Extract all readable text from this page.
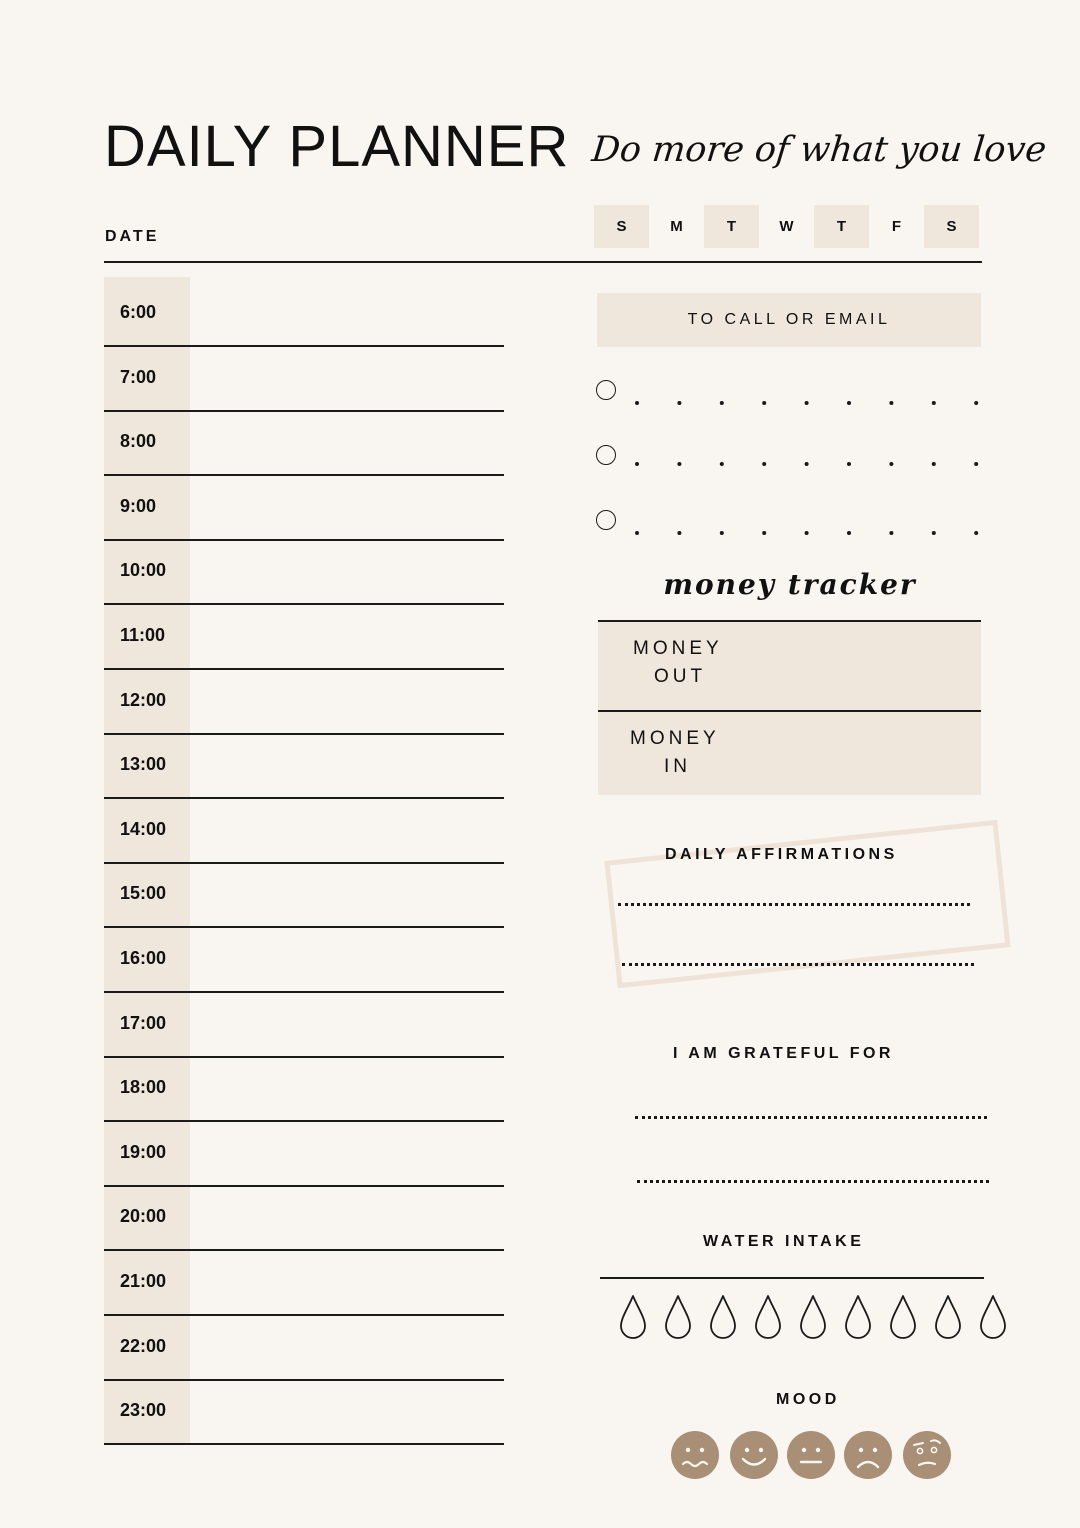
DAILY PLANNER Do more of what you love
DATE
S	M	T	W	T	F	S
6:00
7:00
8:00
9:00
10:00
11:00
12:00
13:00
14:00
15:00
16:00
17:00
18:00
19:00
20:00
21:00
22:00
23:00
TO CALL OR EMAIL
money tracker
MONEY
OUT
MONEY
IN
DAILY AFFIRMATIONS
I AM GRATEFUL FOR
WATER INTAKE
MOOD
